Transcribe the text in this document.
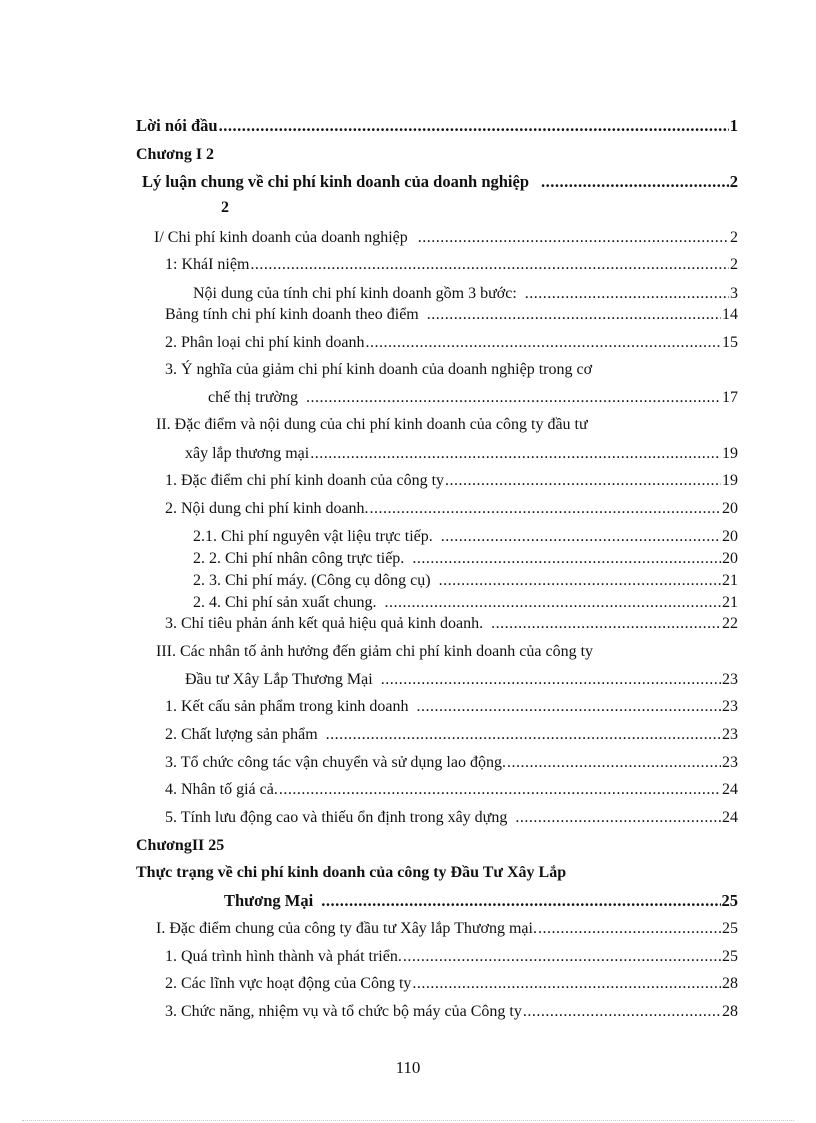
Lời nói đầu .....	1
Chương I 2
Lý luận chung về chi phí kinh doanh của doanh nghiệp .....	2
2
I/ Chi phí kinh doanh của doanh nghiệp .....	2
1: KháI niệm .....	2
Nội dung của tính chi phí kinh doanh gồm 3 bước: .....	3
Bảng tính chi phí kinh doanh theo điểm .....	14
2. Phân loại chi phí kinh doanh .....	15
3. Ý nghĩa của giảm chi phí kinh doanh của doanh nghiệp trong cơ
chế thị trường .....	17
II. Đặc điểm và nội dung của chi phí kinh doanh của công ty đầu tư
xây lắp thương mại .....	19
1. Đặc điểm chi phí kinh doanh của công ty .....	19
2. Nội dung chi phí kinh doanh. .....	20
2.1. Chi phí nguyên vật liệu trực tiếp. .....	20
2. 2. Chi phí nhân công trực tiếp. .....	20
2. 3. Chi phí máy. (Công cụ dông cụ) .....	21
2. 4. Chi phí sản xuất chung. .....	21
3. Chỉ tiêu phản ánh kết quả hiệu quả kinh doanh. .....	22
III. Các nhân tố ảnh hưởng đến giảm chi phí kinh doanh của công ty
Đầu tư Xây Lắp Thương Mại .....	23
1. Kết cấu sản phẩm trong kinh doanh .....	23
2. Chất lượng sản phẩm .....	23
3. Tổ chức công tác vận chuyển và sử dụng lao động. .....	23
4. Nhân tố giá cả. .....	24
5. Tính lưu động cao và thiếu ổn định trong xây dựng .....	24
ChươngII 25
Thực trạng về chi phí kinh doanh của công ty Đầu Tư Xây Lắp
Thương Mại .....	25
I. Đặc điểm chung của công ty đầu tư Xây lắp Thương mại. .....	25
1. Quá trình hình thành và phát triển. .....	25
2. Các lĩnh vực hoạt động của Công ty .....	28
3. Chức năng, nhiệm vụ và tổ chức bộ máy của Công ty .....	28
110
